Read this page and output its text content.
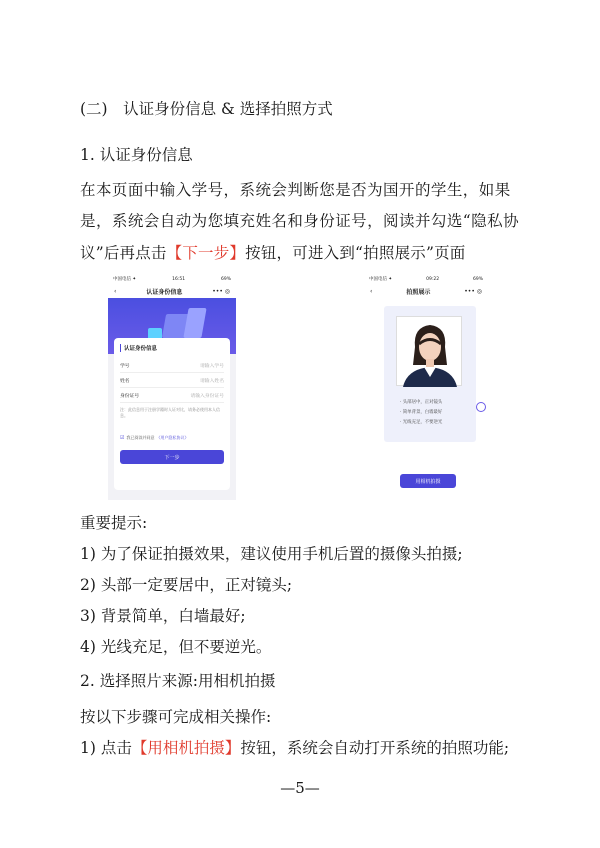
(二)　认证身份信息 & 选择拍照方式
1. 认证身份信息
在本页面中输入学号，系统会判断您是否为国开的学生，如果
是，系统会自动为您填充姓名和身份证号，阅读并勾选“隐私协
议”后再点击【下一步】按钮，可进入到“拍照展示”页面
中国电信 ✦	16:51	69%
‹	认证身份信息	••• ◎
认证身份信息
学号	请输入学号
姓名	请输入姓名
身份证号	请输入身份证号
注：此信息用于注册学籍时人证对比，请务必使用本人信息。
☑ 我已阅读并同意 《用户隐私协议》
下一步
中国电信 ✦	09:22	69%
‹	拍照展示	••• ◎
· 头部居中，正对镜头
· 简单背景，白墙最好
· 光线充足，不要逆光
用相机拍摄
重要提示:
1) 为了保证拍摄效果，建议使用手机后置的摄像头拍摄;
2) 头部一定要居中，正对镜头;
3) 背景简单，白墙最好;
4) 光线充足，但不要逆光。
2. 选择照片来源:用相机拍摄
按以下步骤可完成相关操作:
1) 点击【用相机拍摄】按钮，系统会自动打开系统的拍照功能;
—5—
